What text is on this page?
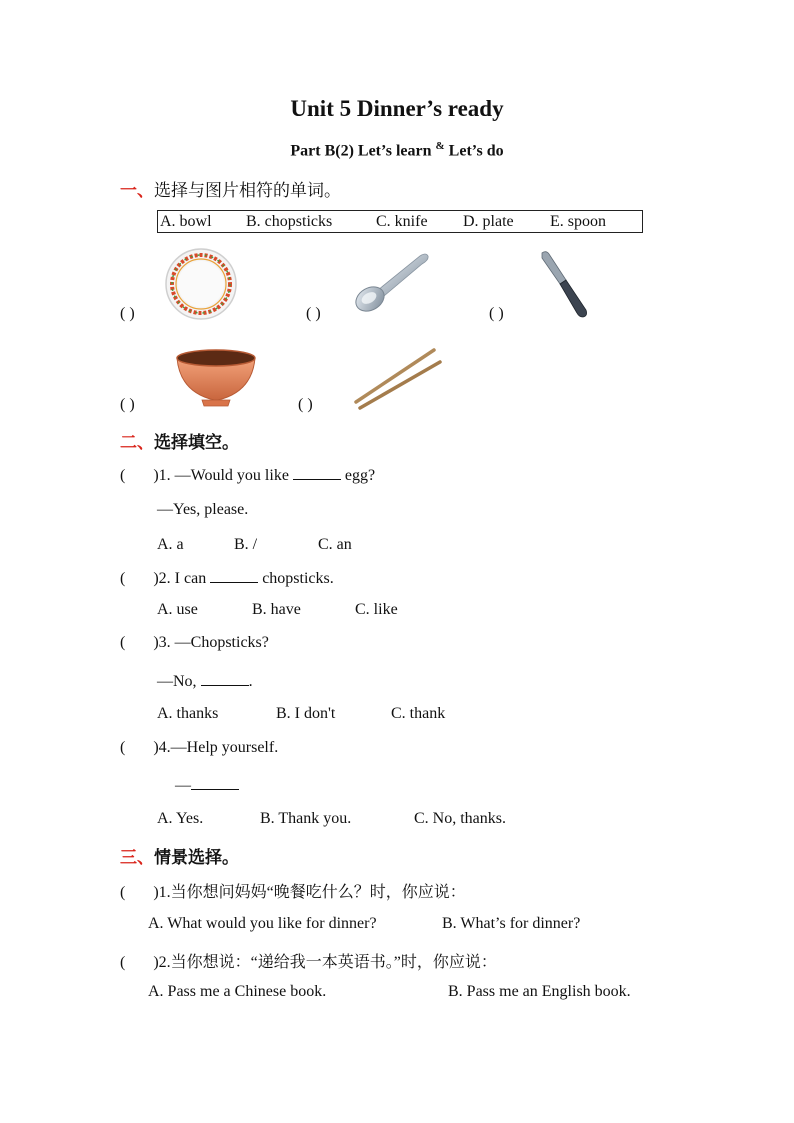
Unit 5 Dinner’s ready
Part B(2) Let’s learn & Let’s do
一、选择与图片相符的单词。
A. bowl B. chopsticks	C. knife D. plate E. spoon
( )	( )	( )
( )	( )
二、选择填空。
( )1. —Would you like	egg?
—Yes, please.
A. a	B. /	C. an
( )2. I can	chopsticks.
A. use	B. have	C. like
( )3. —Chopsticks?
—No,	.
A. thanks	B. I don't	C. thank
( )4.—Help yourself.
—
A. Yes.	B. Thank you.	C. No, thanks.
三、情景选择。
( )1.当你想问妈妈“晚餐吃什么？时，你应说：
A. What would you like for dinner?	B. What’s for dinner?
( )2.当你想说：“递给我一本英语书。”时，你应说：
A. Pass me a Chinese book.	B. Pass me an English book.
